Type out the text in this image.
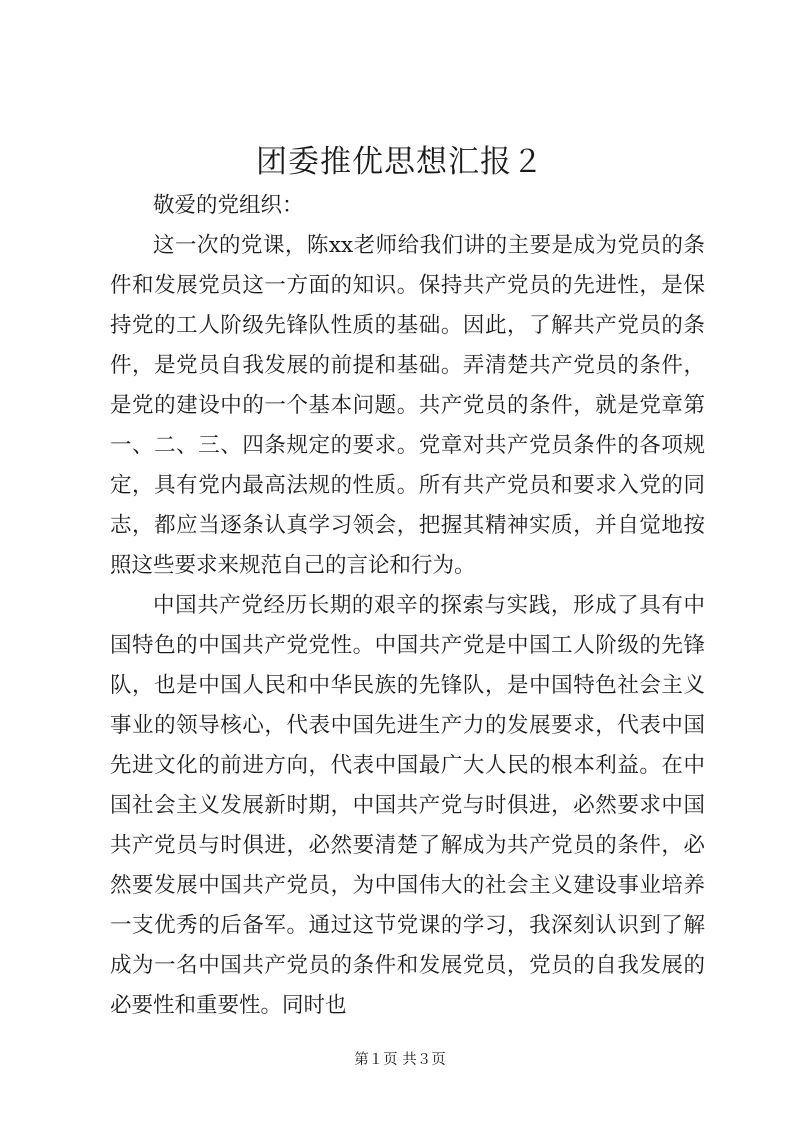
团委推优思想汇报２
敬爱的党组织：

这一次的党课，陈xx老师给我们讲的主要是成为党员的条件和发展党员这一方面的知识。保持共产党员的先进性，是保持党的工人阶级先锋队性质的基础。因此，了解共产党员的条件，是党员自我发展的前提和基础。弄清楚共产党员的条件，是党的建设中的一个基本问题。共产党员的条件，就是党章第一、二、三、四条规定的要求。党章对共产党员条件的各项规定，具有党内最高法规的性质。所有共产党员和要求入党的同志，都应当逐条认真学习领会，把握其精神实质，并自觉地按照这些要求来规范自己的言论和行为。

中国共产党经历长期的艰辛的探索与实践，形成了具有中国特色的中国共产党党性。中国共产党是中国工人阶级的先锋队，也是中国人民和中华民族的先锋队，是中国特色社会主义事业的领导核心，代表中国先进生产力的发展要求，代表中国先进文化的前进方向，代表中国最广大人民的根本利益。在中国社会主义发展新时期，中国共产党与时俱进，必然要求中国共产党员与时俱进，必然要清楚了解成为共产党员的条件，必然要发展中国共产党员，为中国伟大的社会主义建设事业培养一支优秀的后备军。通过这节党课的学习，我深刻认识到了解成为一名中国共产党员的条件和发展党员，党员的自我发展的必要性和重要性。同时也

第１页 共３页
